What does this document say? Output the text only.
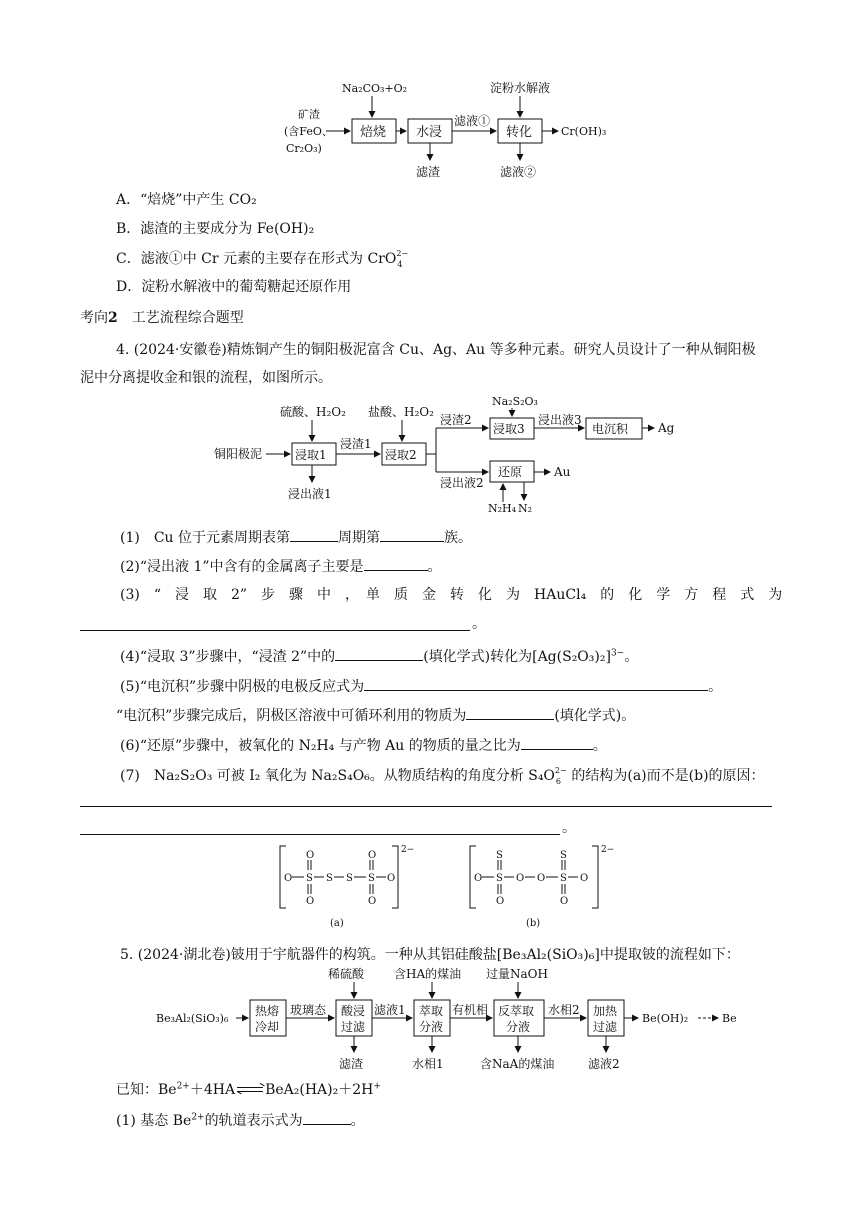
矿渣
(含FeO、
Cr₂O₃)
Na₂CO₃+O₂
焙烧 水浸
滤渣
滤液①
淀粉水解液
转化	Cr(OH)₃
滤液②
A．“焙烧”中产生 CO₂
B．滤渣的主要成分为 Fe(OH)₂
C．滤液①中 Cr 元素的主要存在形式为 CrO 2−
4
D．淀粉水解液中的葡萄糖起还原作用
考向2　 工艺流程综合题型
4. (2024·安徽卷)精炼铜产生的铜阳极泥富含 Cu、Ag、Au 等多种元素。研究人员设计了一种从铜阳极
泥中分离提收金和银的流程，如图所示。
铜阳极泥
硫酸、H₂O₂
浸取1
浸出液1
浸渣1
盐酸、H₂O₂
浸取2
浸渣2
Na₂S₂O₃
浸取3
浸出液3
电沉积 Ag
浸出液2
还原	Au
N₂H₄ N₂
(1)　Cu 位于元素周期表第	周期第	族。
(2)“浸出液 1”中含有的金属离子主要是	。
(3)　“　浸　取　2”　步　骤　中　，　单　质　金　转　化　为　HAuCl₄　的　化　学　方　程　式　为
。
(4)“浸取 3”步骤中，“浸渣 2”中的	(填化学式)转化为$[Ag(S_2O_3)_2]^{3-}$。
(5)“电沉积”步骤中阴极的电极反应式为	。
“电沉积”步骤完成后，阴极区溶液中可循环利用的物质为	(填化学式)。
(6)“还原”步骤中，被氧化的 N₂H₄ 与产物 Au 的物质的量之比为	。
(7)　Na₂S₂O₃ 可被 I₂ 氧化为 Na₂S₄O₆。从物质结构的角度分析 S₄O 2−
6 的结构为(a)而不是(b)的原因：
。
2−
O
O S S S S O
O
O
O
(a)
2−
S
O S O O S O
O
S
O
(b)
5. (2024·湖北卷)铍用于宇航器件的构筑。一种从其铝硅酸盐[Be₃Al₂(SiO₃)₆]中提取铍的流程如下：
Be₃Al₂(SiO₃)₆
热熔
冷却
玻璃态
稀硫酸
酸浸
过滤
滤渣
滤液1
含HA的煤油
萃取
分液
水相1
有机相
过量NaOH
反萃取
分液
含NaA的煤油
水相2 加热
过滤
滤液2
Be(OH)₂	Be
已知：$Be^{2+}+4HA\rightleftharpoons BeA_2(HA)_2+2H^+$
(1) 基态 $Be^{2+}$的轨道表示式为	。
